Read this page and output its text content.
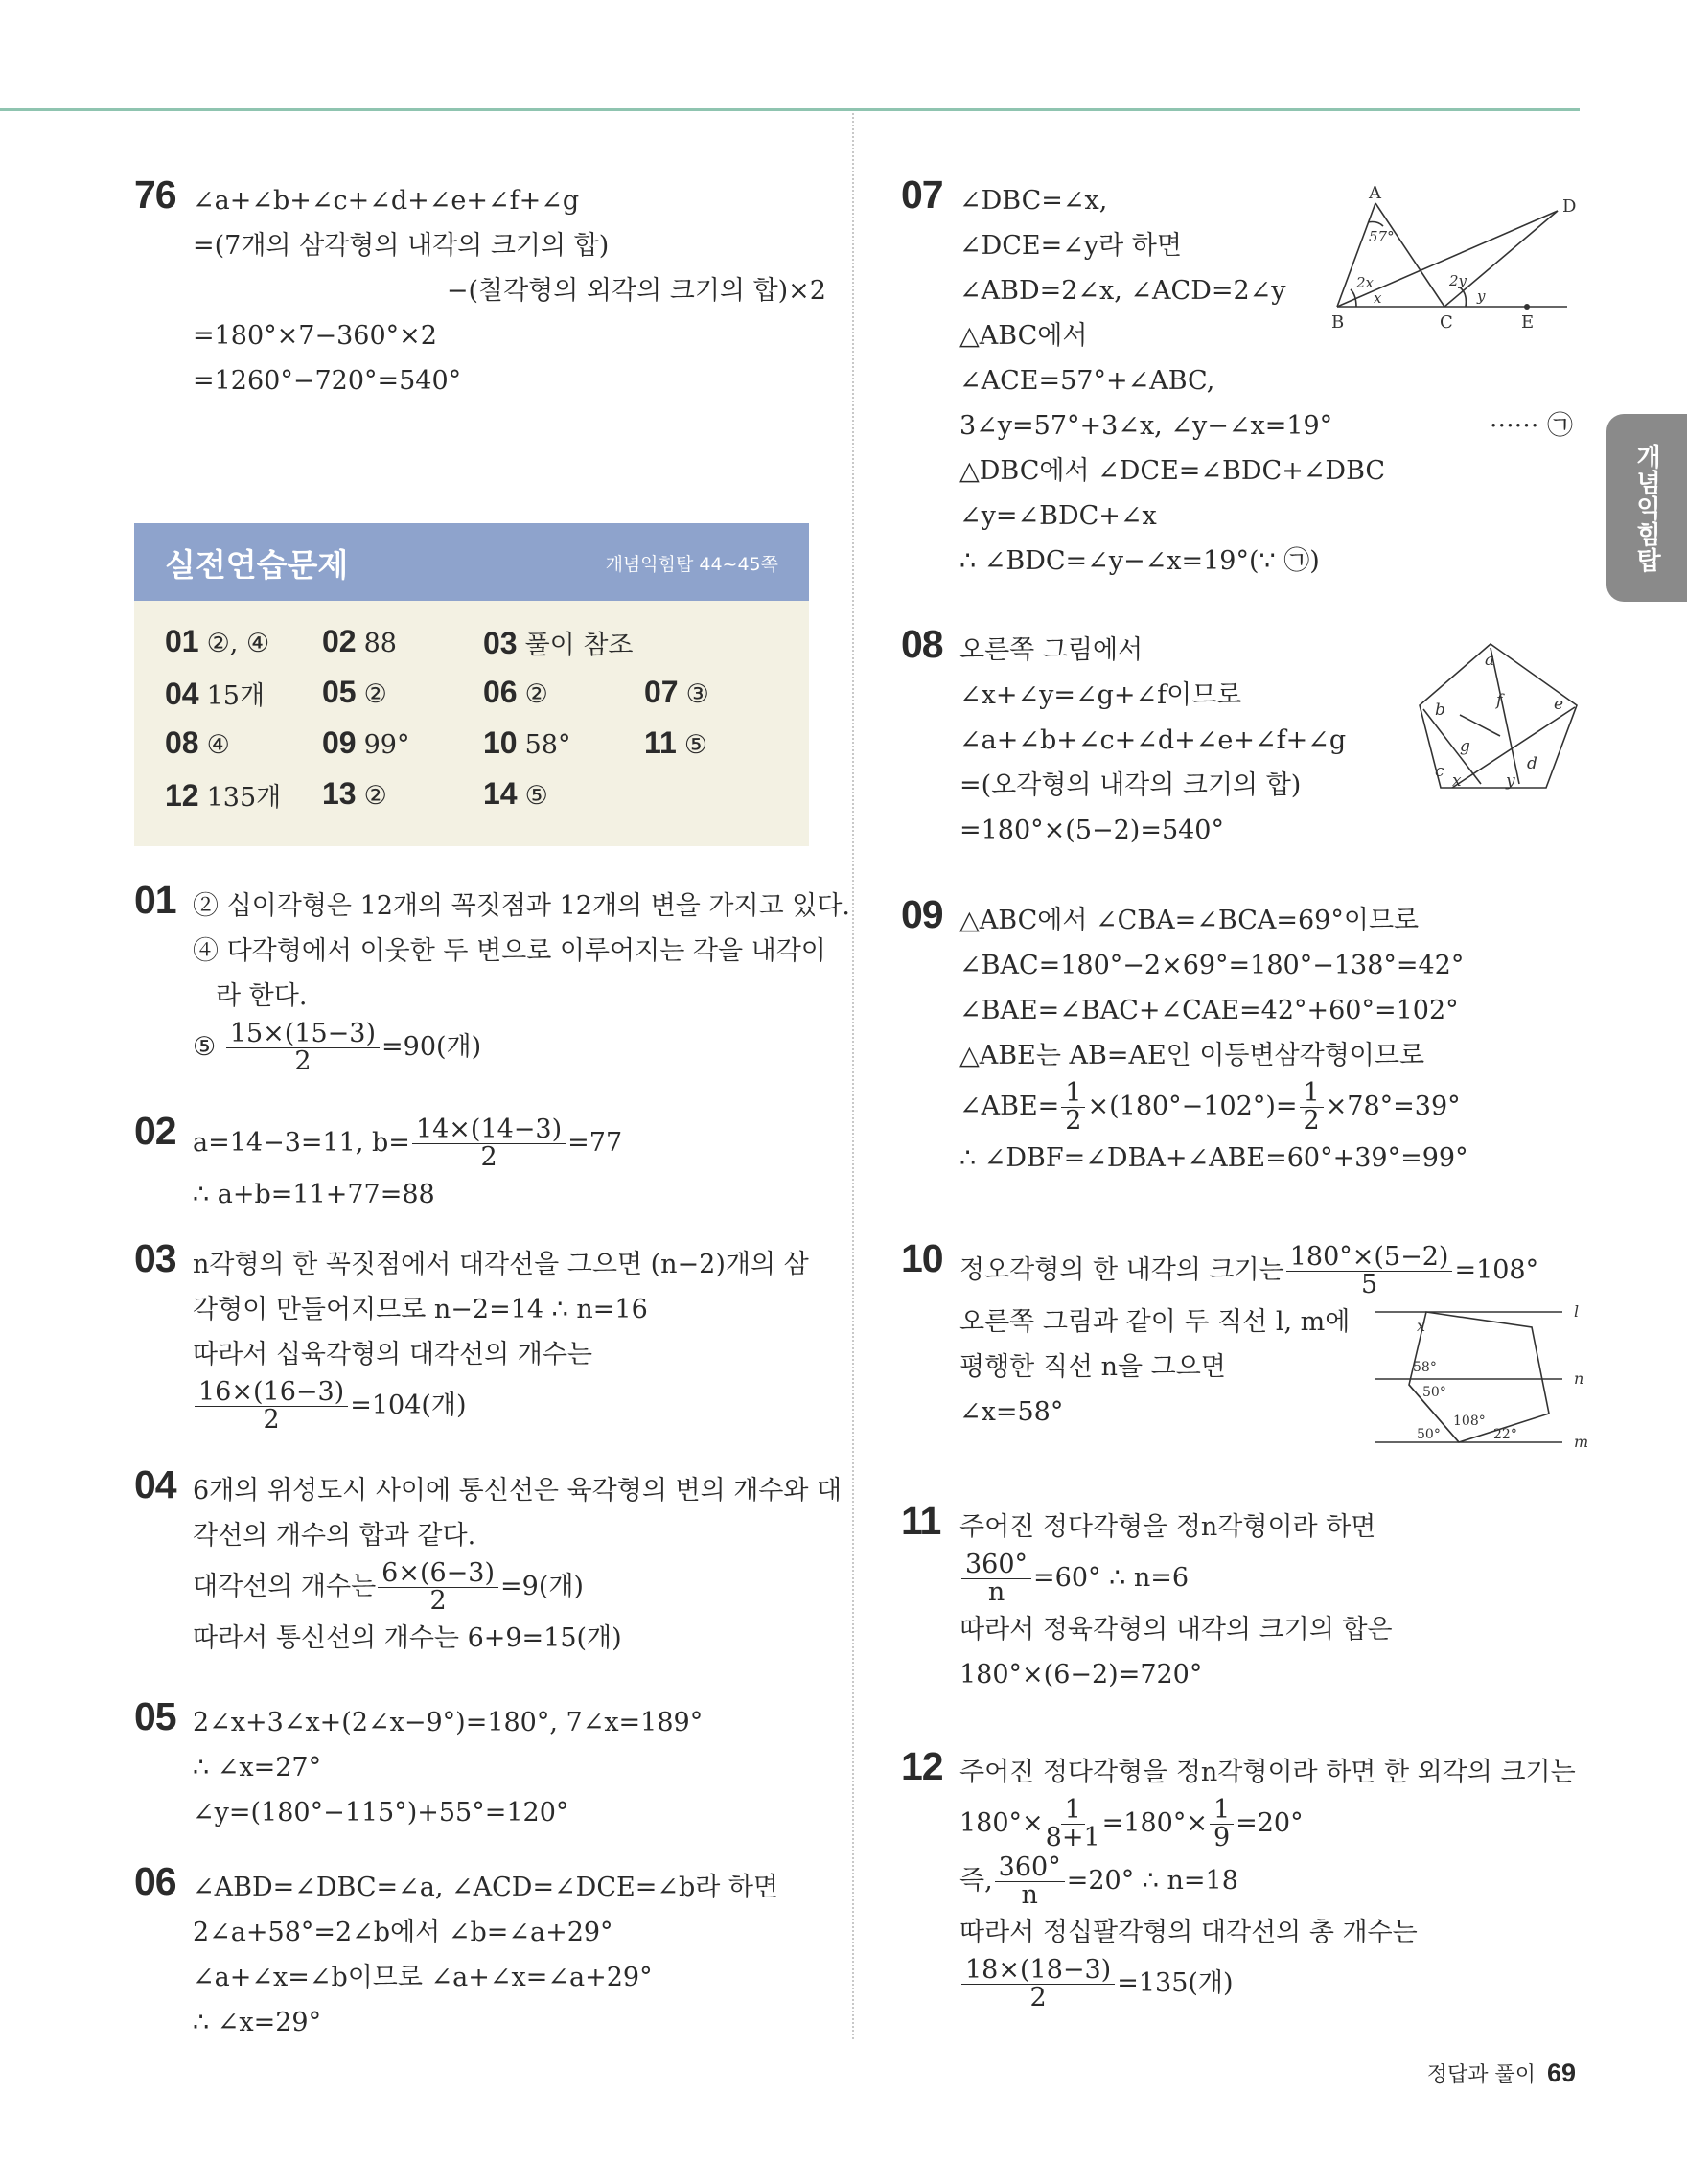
개념익힘탑
76 ∠a+∠b+∠c+∠d+∠e+∠f+∠g
=(7개의 삼각형의 내각의 크기의 합)
−(칠각형의 외각의 크기의 합)×2
=180°×7−360°×2
=1260°−720°=540°
실전연습문제	개념익힘탑 44~45쪽
01 ②, ④ 02 88	03 풀이 참조
04 15개 05 ②	06 ②	07 ③
08 ④	09 99° 10 58° 11 ⑤
12 135개 13 ②	14 ⑤
01 ② 십이각형은 12개의 꼭짓점과 12개의 변을 가지고 있다.
④ 다각형에서 이웃한 두 변으로 이루어지는 각을 내각이
라 한다.
⑤ $\frac{15\times(15-3)}{2} =90$(개)
02 a=14−3=11, $b= \frac{14\times(14-3)}{2} =77$
∴ a+b=11+77=88
03 n각형의 한 꼭짓점에서 대각선을 그으면 (n−2)개의 삼
각형이 만들어지므로 n−2=14 ∴ n=16
따라서 십육각형의 대각선의 개수는
$\frac{16\times(16-3)}{2} =104$(개)
04 6개의 위성도시 사이에 통신선은 육각형의 변의 개수와 대
각선의 개수의 합과 같다.
대각선의 개수는 $\frac{6\times(6-3)}{2} =9$(개)
따라서 통신선의 개수는 6+9=15(개)
05 2∠x+3∠x+(2∠x−9°)=180°, 7∠x=189°
∴ ∠x=27°
∠y=(180°−115°)+55°=120°
06 ∠ABD=∠DBC=∠a, ∠ACD=∠DCE=∠b라 하면
2∠a+58°=2∠b에서 ∠b=∠a+29°
∠a+∠x=∠b이므로 ∠a+∠x=∠a+29°
∴ ∠x=29°
07 ∠DBC=∠x,
∠DCE=∠y라 하면
∠ABD=2∠x, ∠ACD=2∠y
△ABC에서
∠ACE=57°+∠ABC,
3∠y=57°+3∠x, ∠y−∠x=19°	······ ㉠
△DBC에서 ∠DCE=∠BDC+∠DBC
∠y=∠BDC+∠x
∴ ∠BDC=∠y−∠x=19°(∵ ㉠)
A
D
B	C	E
57°
2x
x
2y
y
08 오른쪽 그림에서
∠x+∠y=∠g+∠f이므로
∠a+∠b+∠c+∠d+∠e+∠f+∠g
=(오각형의 내각의 크기의 합)
=180°×(5−2)=540°
a
b
c	d
e
f
g
x	y
09 △ABC에서 ∠CBA=∠BCA=69°이므로
∠BAC=180°−2×69°=180°−138°=42°
∠BAE=∠BAC+∠CAE=42°+60°=102°
△ABE는 AB=AE인 이등변삼각형이므로
∠ABE= $\frac{1}{2} \times(180^\circ-102^\circ)= \frac{1}{2} \times 78^\circ=39^\circ$
∴ ∠DBF=∠DBA+∠ABE=60°+39°=99°
10 정오각형의 한 내각의 크기는 $\frac{180^\circ\times(5-2)}{5} =108^\circ$
오른쪽 그림과 같이 두 직선 l, m에
평행한 직선 n을 그으면
∠x=58°
l
n
m
x
58°
50°
108°
50°	22°
11 주어진 정다각형을 정n각형이라 하면
$\frac{360^\circ}{n} =60^\circ$ ∴ n=6
따라서 정육각형의 내각의 크기의 합은
180°×(6−2)=720°
12 주어진 정다각형을 정n각형이라 하면 한 외각의 크기는
$180^\circ\times \frac{1}{8+1} =180^\circ\times \frac{1}{9} =20^\circ$
즉, $\frac{360^\circ}{n} =20^\circ$ ∴ n=18
따라서 정십팔각형의 대각선의 총 개수는
$\frac{18\times(18-3)}{2} =135$(개)
정답과 풀이 69
